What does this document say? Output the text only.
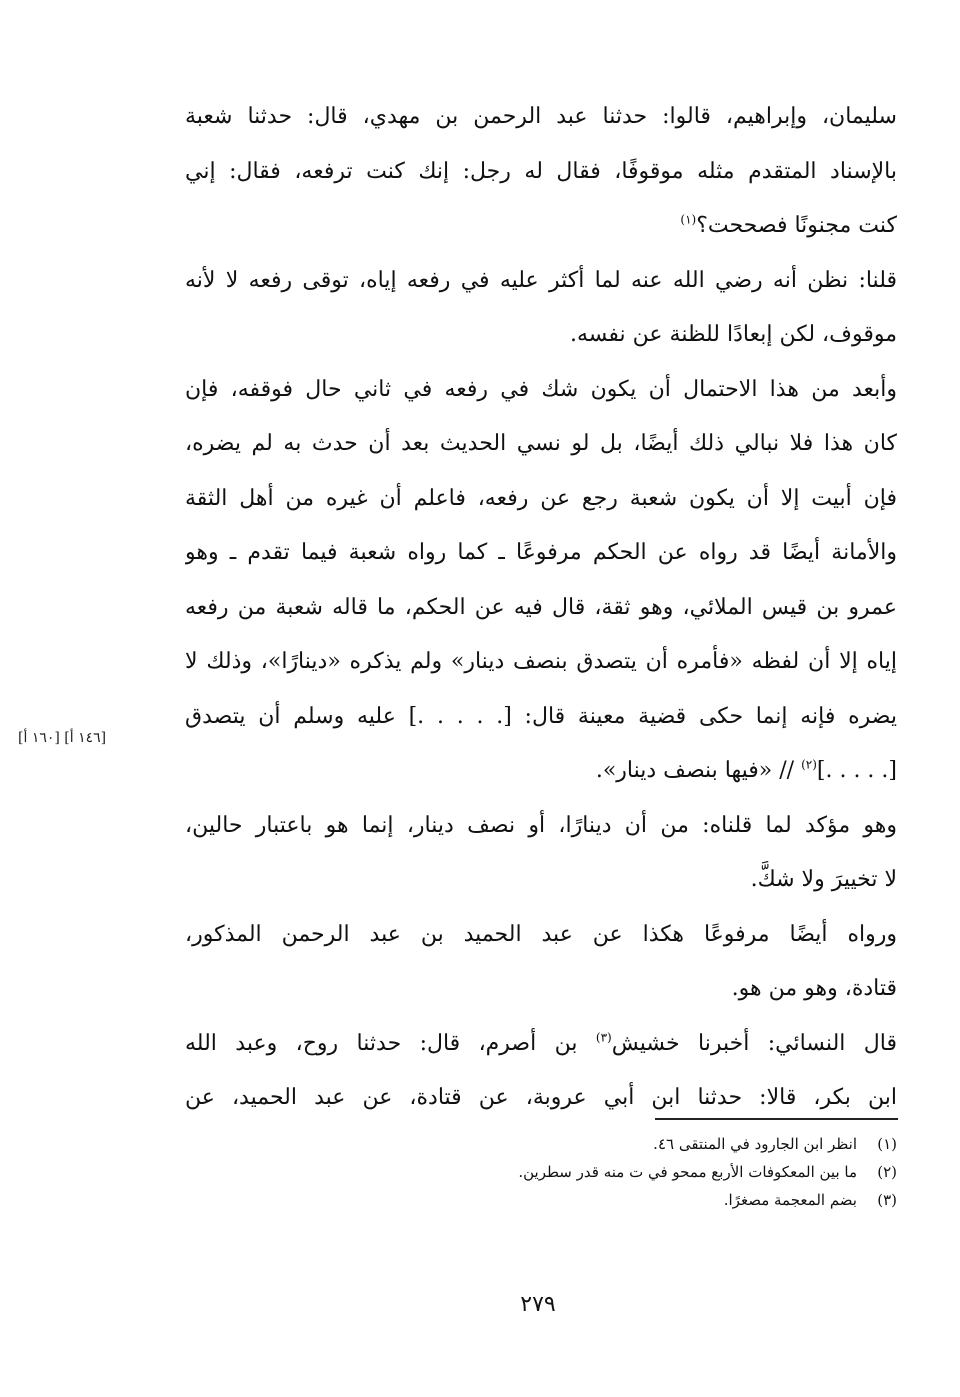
سليمان، وإبراهيم، قالوا: حدثنا عبد الرحمن بن مهدي، قال: حدثنا شعبة
بالإسناد المتقدم مثله موقوفًا، فقال له رجل: إنك كنت ترفعه، فقال: إني
كنت مجنونًا فصححت؟$^{(١)}$
قلنا: نظن أنه رضي الله عنه لما أكثر عليه في رفعه إياه، توقى رفعه لا لأنه
موقوف، لكن إبعادًا للظنة عن نفسه.
وأبعد من هذا الاحتمال أن يكون شك في رفعه في ثاني حال فوقفه، فإن
كان هذا فلا نبالي ذلك أيضًا، بل لو نسي الحديث بعد أن حدث به لم يضره،
فإن أبيت إلا أن يكون شعبة رجع عن رفعه، فاعلم أن غيره من أهل الثقة
والأمانة أيضًا قد رواه عن الحكم مرفوعًا ـ كما رواه شعبة فيما تقدم ـ وهو
عمرو بن قيس الملائي، وهو ثقة، قال فيه عن الحكم، ما قاله شعبة من رفعه
إياه إلا أن لفظه «فأمره أن يتصدق بنصف دينار» ولم يذكره «دينارًا»، وذلك لا
يضره فإنه إنما حكى قضية معينة قال: [. . . . .] عليه وسلم أن يتصدق
[. . . . .]$^{(٢)}$ // «فيها بنصف دينار».
وهو مؤكد لما قلناه: من أن دينارًا، أو نصف دينار، إنما هو باعتبار حالين،
لا تخييرَ ولا شكَّ.
ورواه أيضًا مرفوعًا هكذا عن عبد الحميد بن عبد الرحمن المذكور،
قتادة، وهو من هو.
قال النسائي: أخبرنا خشيش$^{(٣)}$ بن أصرم، قال: حدثنا روح، وعبد الله
ابن بكر، قالا: حدثنا ابن أبي عروبة، عن قتادة، عن عبد الحميد، عن
[١٤٦ أ] [١٦٠ أ]
(١)
انظر ابن الجارود في المنتقى ٤٦.
(٢)
ما بين المعكوفات الأربع ممحو في ت منه قدر سطرين.
(٣)
بضم المعجمة مصغرًا.
٢٧٩
